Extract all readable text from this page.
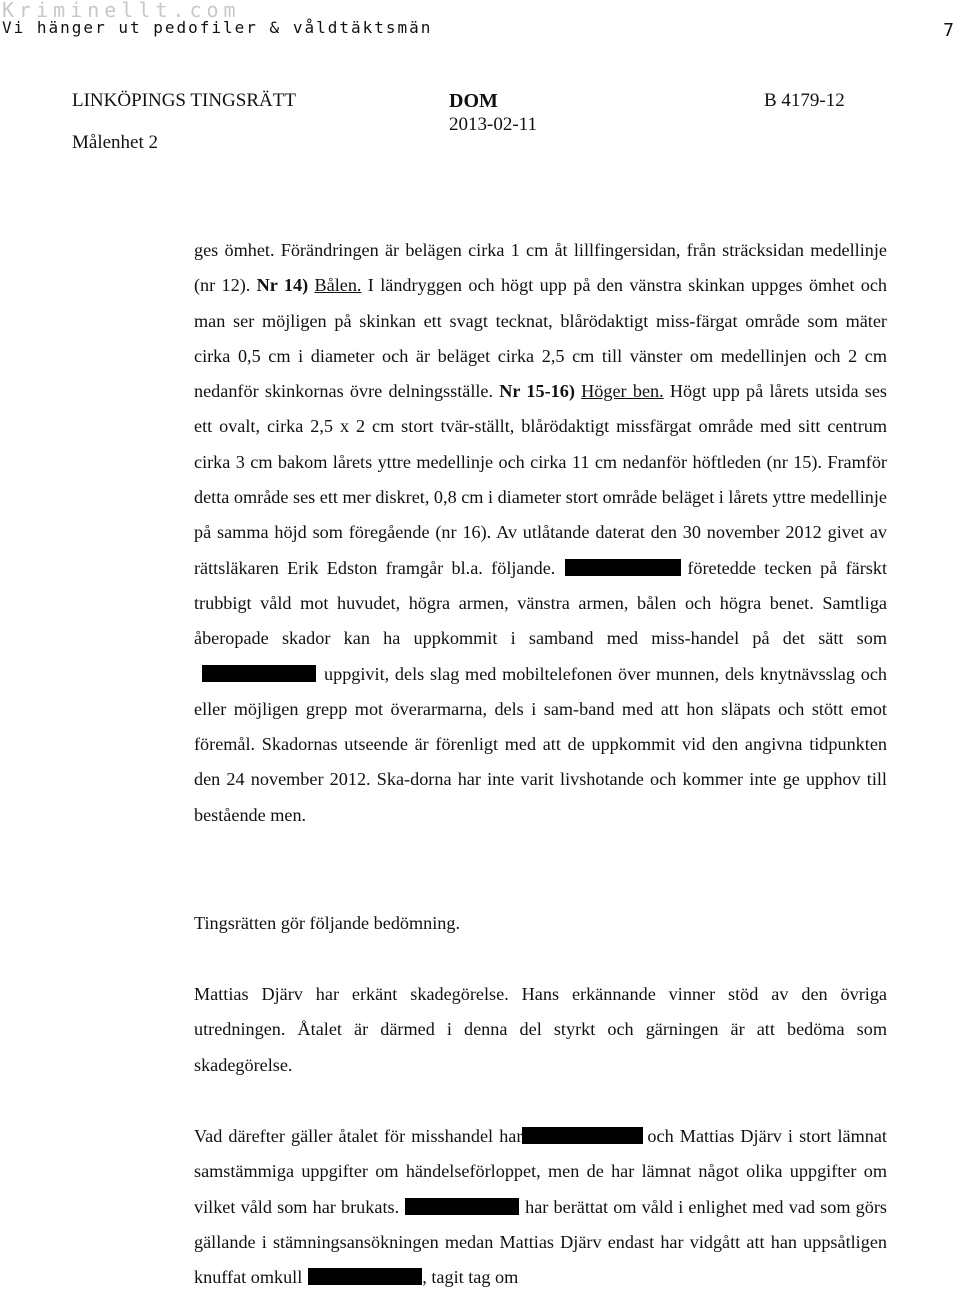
Kriminellt.com
Vi hänger ut pedofiler & våldtäktsmän	7
LINKÖPINGS TINGSRÄTT
Målenhet 2
DOM
2013-02-11
B 4179-12

ges ömhet. Förändringen är belägen cirka 1 cm åt lillfingersidan, från sträcksidan medellinje (nr 12). Nr 14) Bålen. I ländryggen och högt upp på den vänstra skinkan uppges ömhet och man ser möjligen på skinkan ett svagt tecknat, blårödaktigt miss-färgat område som mäter cirka 0,5 cm i diameter och är beläget cirka 2,5 cm till vänster om medellinjen och 2 cm nedanför skinkornas övre delningsställe. Nr 15-16) Höger ben. Högt upp på lårets utsida ses ett ovalt, cirka 2,5 x 2 cm stort tvär-ställt, blårödaktigt missfärgat område med sitt centrum cirka 3 cm bakom lårets yttre medellinje och cirka 11 cm nedanför höftleden (nr 15). Framför detta område ses ett mer diskret, 0,8 cm i diameter stort område beläget i lårets yttre medellinje på samma höjd som föregående (nr 16). Av utlåtande daterat den 30 november 2012 givet av rättsläkaren Erik Edston framgår bl.a. följande.	företedde tecken på färskt trubbigt våld mot huvudet, högra armen, vänstra armen, bålen och högra benet. Samtliga åberopade skador kan ha uppkommit i samband med miss-handel på det sätt somuppgivit, dels slag med mobiltelefonen över munnen, dels knytnävsslag och eller möjligen grepp mot överarmarna, dels i sam-band med att hon släpats och stött emot föremål. Skadornas utseende är förenligt med att de uppkommit vid den angivna tidpunkten den 24 november 2012. Ska-dorna har inte varit livshotande och kommer inte ge upphov till bestående men.

Tingsrätten gör följande bedömning.

Mattias Djärv har erkänt skadegörelse. Hans erkännande vinner stöd av den övriga utredningen. Åtalet är därmed i denna del styrkt och gärningen är att bedöma som skadegörelse.

Vad därefter gäller åtalet för misshandel har	och Mattias Djärv i stort lämnat samstämmiga uppgifter om händelseförloppet, men de har lämnat något olika uppgifter om vilket våld som har brukats.	har berättat om våld i enlighet med vad som görs gällande i stämningsansökningen medan Mattias Djärv endast har vidgått att han uppsåtligen knuffat omkull	, tagit tag om
